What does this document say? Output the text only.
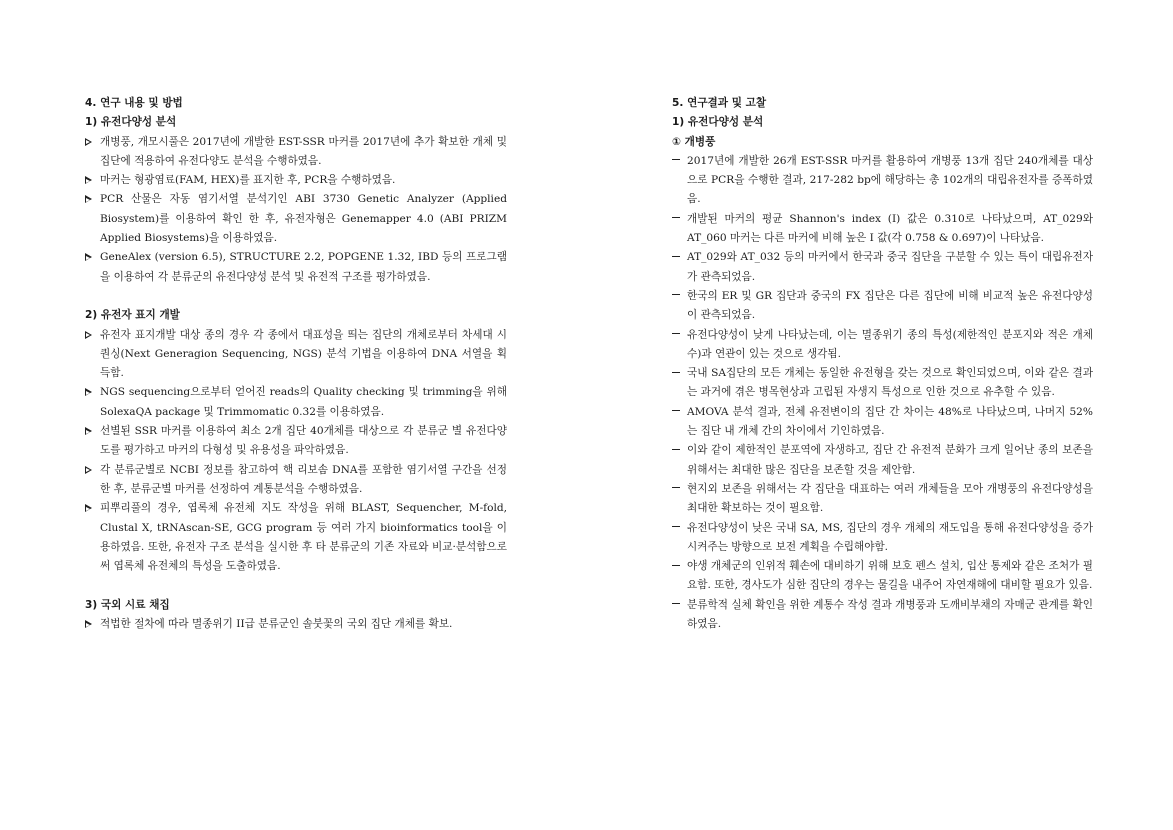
4. 연구 내용 및 방법
1) 유전다양성 분석
개병풍, 개모시풀은 2017년에 개발한 EST-SSR 마커를 2017년에 추가 확보한 개체 및 집단에 적용하여 유전다양도 분석을 수행하였음.
마커는 형광염료(FAM, HEX)를 표지한 후, PCR을 수행하였음.
PCR 산물은 자동 염기서열 분석기인 ABI 3730 Genetic Analyzer (Applied Biosystem)를 이용하여 확인 한 후, 유전자형은 Genemapper 4.0 (ABI PRIZM Applied Biosystems)을 이용하였음.
GeneAlex (version 6.5), STRUCTURE 2.2, POPGENE 1.32, IBD 등의 프로그램을 이용하여 각 분류군의 유전다양성 분석 및 유전적 구조를 평가하였음.
2) 유전자 표지 개발
유전자 표지개발 대상 종의 경우 각 종에서 대표성을 띄는 집단의 개체로부터 차세대 시퀀싱(Next Generagion Sequencing, NGS) 분석 기법을 이용하여 DNA 서열을 획득함.
NGS sequencing으로부터 얻어진 reads의 Quality checking 및 trimming을 위해 SolexaQA package 및 Trimmomatic 0.32를 이용하였음.
선별된 SSR 마커를 이용하여 최소 2개 집단 40개체를 대상으로 각 분류군 별 유전다양도를 평가하고 마커의 다형성 및 유용성을 파악하였음.
각 분류군별로 NCBI 정보를 참고하여 핵 리보솜 DNA를 포함한 염기서열 구간을 선정한 후, 분류군별 마커를 선정하여 계통분석을 수행하였음.
피뿌리풀의 경우, 엽록체 유전체 지도 작성을 위해 BLAST, Sequencher, M-fold, Clustal X, tRNAscan-SE, GCG program 등 여러 가지 bioinformatics tool을 이용하였음. 또한, 유전자 구조 분석을 실시한 후 타 분류군의 기존 자료와 비교·분석함으로써 엽록체 유전체의 특성을 도출하였음.
3) 국외 시료 채집
적법한 절차에 따라 멸종위기 II급 분류군인 솔붓꽃의 국외 집단 개체를 확보.
5. 연구결과 및 고찰
1) 유전다양성 분석
① 개병풍
2017년에 개발한 26개 EST-SSR 마커를 활용하여 개병풍 13개 집단 240개체를 대상으로 PCR을 수행한 결과, 217-282 bp에 해당하는 총 102개의 대립유전자를 증폭하였음.
개발된 마커의 평균 Shannon's index (I) 값은 0.310로 나타났으며, AT_029와 AT_060 마커는 다른 마커에 비해 높은 I 값(각 0.758 & 0.697)이 나타났음.
AT_029와 AT_032 등의 마커에서 한국과 중국 집단을 구분할 수 있는 특이 대립유전자가 관측되었음.
한국의 ER 및 GR 집단과 중국의 FX 집단은 다른 집단에 비해 비교적 높은 유전다양성이 관측되었음.
유전다양성이 낮게 나타났는데, 이는 멸종위기 종의 특성(제한적인 분포지와 적은 개체수)과 연관이 있는 것으로 생각됨.
국내 SA집단의 모든 개체는 동일한 유전형을 갖는 것으로 확인되었으며, 이와 같은 결과는 과거에 겪은 병목현상과 고립된 자생지 특성으로 인한 것으로 유추할 수 있음.
AMOVA 분석 결과, 전체 유전변이의 집단 간 차이는 48%로 나타났으며, 나머지 52%는 집단 내 개체 간의 차이에서 기인하였음.
이와 같이 제한적인 분포역에 자생하고, 집단 간 유전적 분화가 크게 일어난 종의 보존을 위해서는 최대한 많은 집단을 보존할 것을 제안함.
현지외 보존을 위해서는 각 집단을 대표하는 여러 개체들을 모아 개병풍의 유전다양성을 최대한 확보하는 것이 필요함.
유전다양성이 낮은 국내 SA, MS, 집단의 경우 개체의 재도입을 통해 유전다양성을 증가시켜주는 방향으로 보전 계획을 수립해야함.
야생 개체군의 인위적 훼손에 대비하기 위해 보호 펜스 설치, 입산 통제와 같은 조처가 필요함. 또한, 경사도가 심한 집단의 경우는 물길을 내주어 자연재해에 대비할 필요가 있음.
분류학적 실체 확인을 위한 계통수 작성 결과 개병풍과 도깨비부채의 자매군 관계를 확인하였음.
